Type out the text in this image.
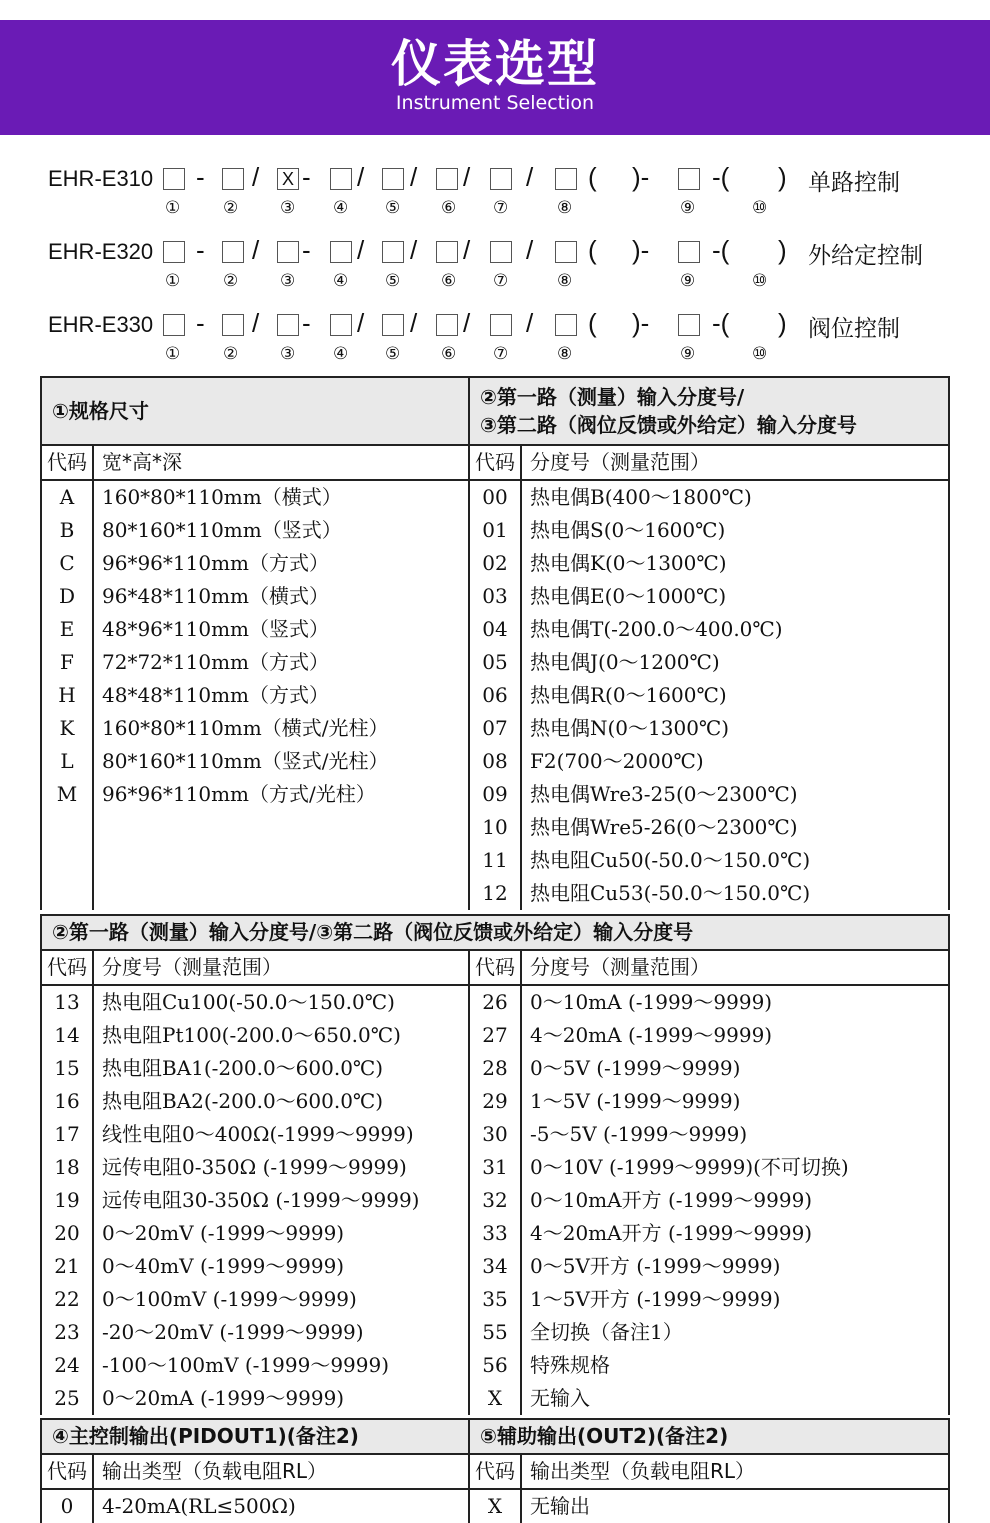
仪表选型
Instrument Selection
EHR-E310	X
- / - / / / / ( )- -( )
①	② ③ ④ ⑤ ⑥ ⑦	⑧	⑨	⑩
单路控制
EHR-E320 - / - / / / / ( )- -( )
①	② ③ ④ ⑤ ⑥ ⑦	⑧	⑨	⑩
外给定控制
EHR-E330 - / - / / / / ( )- -( )
①	② ③ ④ ⑤ ⑥ ⑦	⑧	⑨	⑩
阀位控制
①规格尺寸		②第一路（测量）输入分度号/
③第二路（阀位反馈或外给定）输入分度号	

代码	宽*高*深	代码	分度号（测量范围）
A	160*80*110mm（横式）	00	热电偶B(400～1800℃)
B	80*160*110mm（竖式）	01	热电偶S(0～1600℃)
C	96*96*110mm（方式）	02	热电偶K(0～1300℃)
D	96*48*110mm（横式）	03	热电偶E(0～1000℃)
E	48*96*110mm（竖式）	04	热电偶T(-200.0～400.0℃)
F	72*72*110mm（方式）	05	热电偶J(0～1200℃)
H	48*48*110mm（方式）	06	热电偶R(0～1600℃)
K	160*80*110mm（横式/光柱）	07	热电偶N(0～1300℃)
L	80*160*110mm（竖式/光柱）	08	F2(700～2000℃)
M	96*96*110mm（方式/光柱）	09	热电偶Wre3-25(0～2300℃)
		10	热电偶Wre5-26(0～2300℃)
		11	热电阻Cu50(-50.0～150.0℃)
		12	热电阻Cu53(-50.0～150.0℃)
②第一路（测量）输入分度号/③第二路（阀位反馈或外给定）输入分度号			
代码	分度号（测量范围）	代码	分度号（测量范围）
13	热电阻Cu100(-50.0～150.0℃)	26	0～10mA (-1999～9999)
14	热电阻Pt100(-200.0～650.0℃)	27	4～20mA (-1999～9999)
15	热电阻BA1(-200.0～600.0℃)	28	0～5V (-1999～9999)
16	热电阻BA2(-200.0～600.0℃)	29	1～5V (-1999～9999)
17	线性电阻0～400Ω(-1999～9999)	30	-5～5V (-1999～9999)
18	远传电阻0-350Ω (-1999～9999)	31	0～10V (-1999～9999)(不可切换)
19	远传电阻30-350Ω (-1999～9999)	32	0～10mA开方 (-1999～9999)
20	0～20mV (-1999～9999)	33	4～20mA开方 (-1999～9999)
21	0～40mV (-1999～9999)	34	0～5V开方 (-1999～9999)
22	0～100mV (-1999～9999)	35	1～5V开方 (-1999～9999)
23	-20～20mV (-1999～9999)	55	全切换（备注1）
24	-100～100mV (-1999～9999)	56	特殊规格
25	0～20mA (-1999～9999)	X	无输入
④主控制输出(PIDOUT1)(备注2)		⑤辅助输出(OUT2)(备注2)	
代码	输出类型（负载电阻RL）	代码	输出类型（负载电阻RL）
0	4-20mA(RL≤500Ω)	X	无输出
